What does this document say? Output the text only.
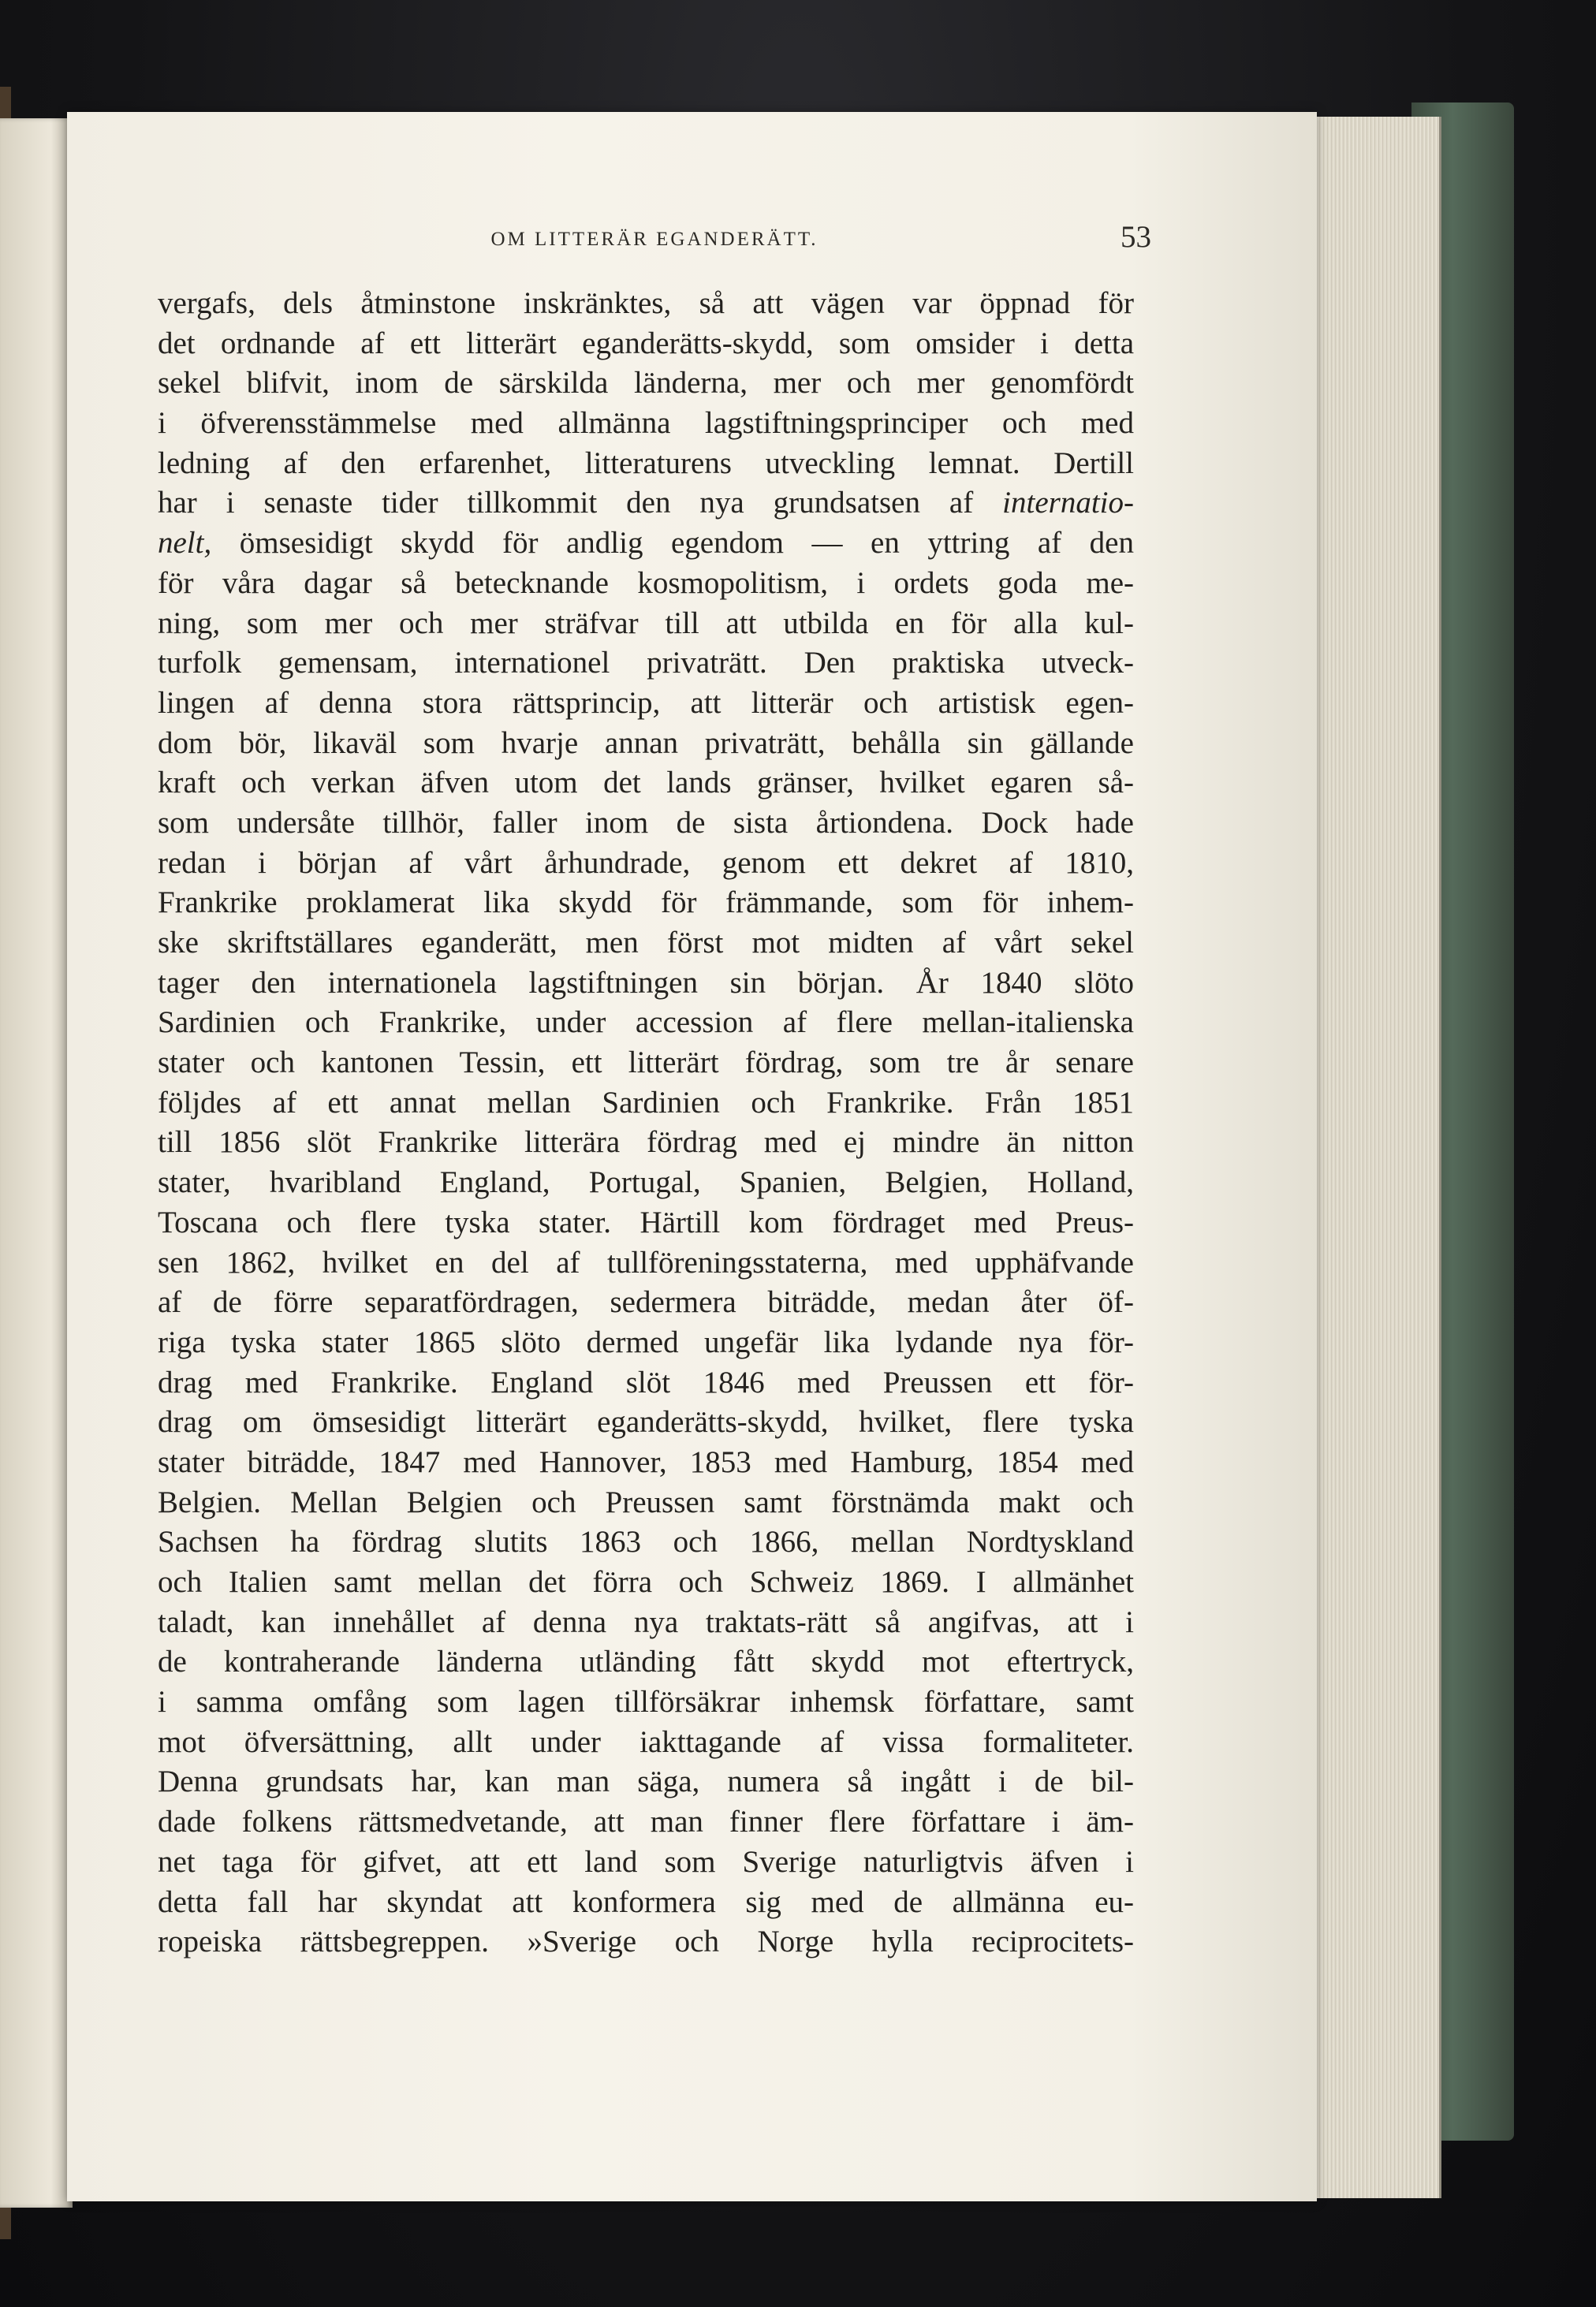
OM LITTERÄR EGANDERÄTT.	53
vergafs, dels åtminstone inskränktes, så att vägen var öppnad för
det ordnande af ett litterärt eganderätts-skydd, som omsider i detta
sekel blifvit, inom de särskilda länderna, mer och mer genomfördt
i öfverensstämmelse med allmänna lagstiftningsprinciper och med
ledning af den erfarenhet, litteraturens utveckling lemnat. Dertill
har i senaste tider tillkommit den nya grundsatsen af internatio-
nelt, ömsesidigt skydd för andlig egendom — en yttring af den
för våra dagar så betecknande kosmopolitism, i ordets goda me-
ning, som mer och mer sträfvar till att utbilda en för alla kul-
turfolk gemensam, internationel privaträtt. Den praktiska utveck-
lingen af denna stora rättsprincip, att litterär och artistisk egen-
dom bör, likaväl som hvarje annan privaträtt, behålla sin gällande
kraft och verkan äfven utom det lands gränser, hvilket egaren så-
som undersåte tillhör, faller inom de sista årtiondena. Dock hade
redan i början af vårt århundrade, genom ett dekret af 1810,
Frankrike proklamerat lika skydd för främmande, som för inhem-
ske skriftställares eganderätt, men först mot midten af vårt sekel
tager den internationela lagstiftningen sin början. År 1840 slöto
Sardinien och Frankrike, under accession af flere mellan-italienska
stater och kantonen Tessin, ett litterärt fördrag, som tre år senare
följdes af ett annat mellan Sardinien och Frankrike. Från 1851
till 1856 slöt Frankrike litterära fördrag med ej mindre än nitton
stater, hvaribland England, Portugal, Spanien, Belgien, Holland,
Toscana och flere tyska stater. Härtill kom fördraget med Preus-
sen 1862, hvilket en del af tullföreningsstaterna, med upphäfvande
af de förre separatfördragen, sedermera biträdde, medan åter öf-
riga tyska stater 1865 slöto dermed ungefär lika lydande nya för-
drag med Frankrike. England slöt 1846 med Preussen ett för-
drag om ömsesidigt litterärt eganderätts-skydd, hvilket, flere tyska
stater biträdde, 1847 med Hannover, 1853 med Hamburg, 1854 med
Belgien. Mellan Belgien och Preussen samt förstnämda makt och
Sachsen ha fördrag slutits 1863 och 1866, mellan Nordtyskland
och Italien samt mellan det förra och Schweiz 1869. I allmänhet
taladt, kan innehållet af denna nya traktats-rätt så angifvas, att i
de kontraherande länderna utländing fått skydd mot eftertryck,
i samma omfång som lagen tillförsäkrar inhemsk författare, samt
mot öfversättning, allt under iakttagande af vissa formaliteter.
Denna grundsats har, kan man säga, numera så ingått i de bil-
dade folkens rättsmedvetande, att man finner flere författare i äm-
net taga för gifvet, att ett land som Sverige naturligtvis äfven i
detta fall har skyndat att konformera sig med de allmänna eu-
ropeiska rättsbegreppen. »Sverige och Norge hylla reciprocitets-
